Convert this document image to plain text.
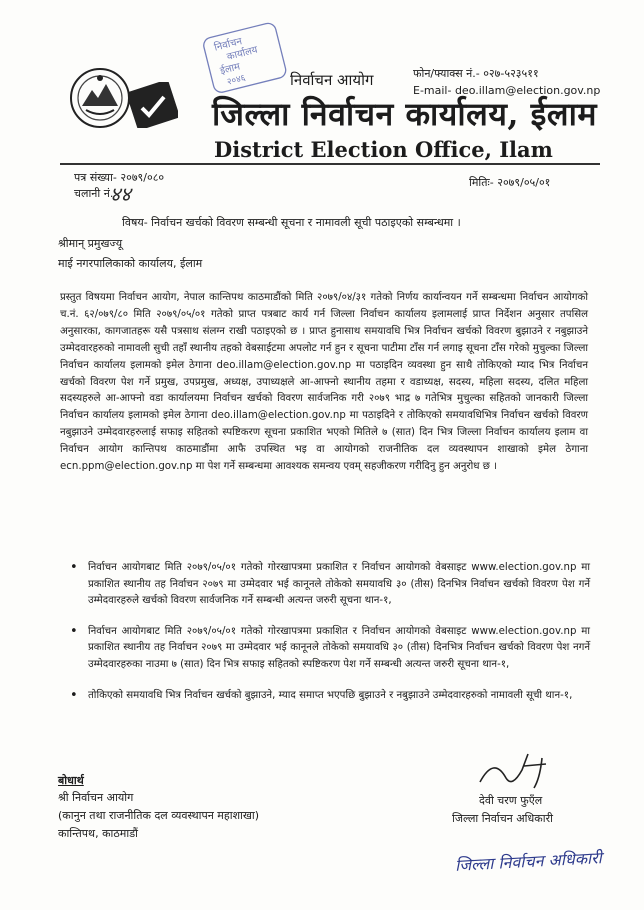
निर्वाचन
कार्यालय
ईलाम
२०४६	निर्वाचन आयोग
जिल्ला निर्वाचन कार्यालय, ईलाम
District Election Office, Ilam
फोन/फ्याक्स नं.- ०२७-५२३५११
E-mail- deo.illam@election.gov.np
पत्र संख्या- २०७९/०८०
चलानी नं.
४४	मितिः- २०७९/०५/०१
विषय- निर्वाचन खर्चको विवरण सम्बन्धी सूचना र नामावली सूची पठाइएको सम्बन्धमा ।
श्रीमान् प्रमुखज्यू
माई नगरपालिकाको कार्यालय, ईलाम
प्रस्तुत विषयमा निर्वाचन आयोग, नेपाल कान्तिपथ काठमाडौंको मिति २०७९/०४/३१ गतेको निर्णय कार्यान्वयन गर्ने सम्बन्धमा निर्वाचन आयोगको च.नं. ६२/०७९/८० मिति २०७९/०५/०१ गतेको प्राप्त पत्रबाट कार्य गर्न जिल्ला निर्वाचन कार्यालय इलामलाई प्राप्त निर्देशन अनुसार तपसिल अनुसारका, कागजातहरू यसै पत्रसाथ संलग्न राखी पठाइएको छ । प्राप्त हुनासाथ समयावधि भित्र निर्वाचन खर्चको विवरण बुझाउने र नबुझाउने उम्मेदवारहरुको नामावली सुची तहाँ स्थानीय तहको वेबसाईटमा अपलोट गर्न हुन र सूचना पाटीमा टाँस गर्न लगाइ सूचना टाँस गरेको मुचुल्का जिल्ला निर्वाचन कार्यालय इलामको इमेल ठेगाना deo.illam@election.gov.np मा पठाइदिन व्यवस्था हुन साथै तोकिएको म्याद भित्र निर्वाचन खर्चको विवरण पेश गर्ने प्रमुख, उपप्रमुख, अध्यक्ष, उपाध्यक्षले आ-आफ्नो स्थानीय तहमा र वडाध्यक्ष, सदस्य, महिला सदस्य, दलित महिला सदस्यहरुले आ-आफ्नो वडा कार्यालयमा निर्वाचन खर्चको विवरण सार्वजनिक गरी २०७९ भाद्र ७ गतेभित्र मुचुल्का सहितको जानकारी जिल्ला निर्वाचन कार्यालय इलामको इमेल ठेगाना deo.illam@election.gov.np मा पठाइदिने र तोकिएको समयावधिभित्र निर्वाचन खर्चको विवरण नबुझाउने उम्मेदवारहरुलाई सफाइ सहितको स्पष्टिकरण सूचना प्रकाशित भएको मितिले ७ (सात) दिन भित्र जिल्ला निर्वाचन कार्यालय इलाम वा निर्वाचन आयोग कान्तिपथ काठमाडौंमा आफै उपस्थित भइ वा आयोगको राजनीतिक दल व्यवस्थापन शाखाको इमेल ठेगाना ecn.ppm@election.gov.np मा पेश गर्ने सम्बन्धमा आवश्यक समन्वय एवम् सहजीकरण गरीदिनु हुन अनुरोध छ ।
• निर्वाचन आयोगबाट मिति २०७९/०५/०१ गतेको गोरखापत्रमा प्रकाशित र निर्वाचन आयोगको वेबसाइट www.election.gov.np मा प्रकाशित स्थानीय तह निर्वाचन २०७९ मा उम्मेदवार भई कानूनले तोकेको समयावधि ३० (तीस) दिनभित्र निर्वाचन खर्चको विवरण पेश गर्ने उम्मेदवारहरुले खर्चको विवरण सार्वजनिक गर्ने सम्बन्धी अत्यन्त जरुरी सूचना थान-१,
• निर्वाचन आयोगबाट मिति २०७९/०५/०१ गतेको गोरखापत्रमा प्रकाशित र निर्वाचन आयोगको वेबसाइट www.election.gov.np मा प्रकाशित स्थानीय तह निर्वाचन २०७९ मा उम्मेदवार भई कानूनले तोकेको समयावधि ३० (तीस) दिनभित्र निर्वाचन खर्चको विवरण पेश नगर्ने उम्मेदवारहरुका नाउमा ७ (सात) दिन भित्र सफाइ सहितको स्पष्टिकरण पेश गर्ने सम्बन्धी अत्यन्त जरुरी सूचना थान-१,
• तोकिएको समयावधि भित्र निर्वाचन खर्चको बुझाउने, म्याद समाप्त भएपछि बुझाउने र नबुझाउने उम्मेदवारहरुको नामावली सूची थान-१,
बोधार्थ
श्री निर्वाचन आयोग
(कानुन तथा राजनीतिक दल व्यवस्थापन महाशाखा)
कान्तिपथ, काठमाडौं
देवी चरण फुएँल
जिल्ला निर्वाचन अधिकारी
जिल्ला निर्वाचन अधिकारी
